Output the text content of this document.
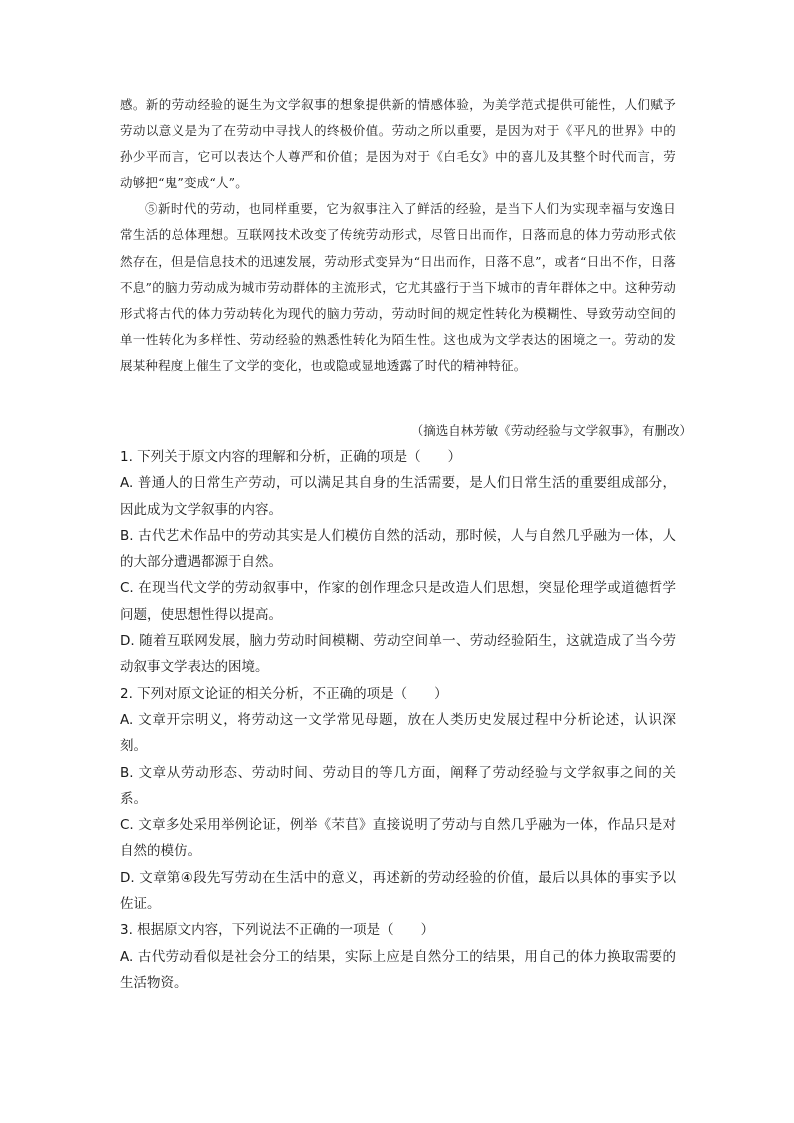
感。新的劳动经验的诞生为文学叙事的想象提供新的情感体验，为美学范式提供可能性，人们赋予劳动以意义是为了在劳动中寻找人的终极价值。劳动之所以重要，是因为对于《平凡的世界》中的孙少平而言，它可以表达个人尊严和价值；是因为对于《白毛女》中的喜儿及其整个时代而言，劳动够把“鬼”变成“人”。

⑤新时代的劳动，也同样重要，它为叙事注入了鲜活的经验，是当下人们为实现幸福与安逸日常生活的总体理想。互联网技术改变了传统劳动形式，尽管日出而作，日落而息的体力劳动形式依然存在，但是信息技术的迅速发展，劳动形式变异为“日出而作，日落不息”，或者“日出不作，日落不息”的脑力劳动成为城市劳动群体的主流形式，它尤其盛行于当下城市的青年群体之中。这种劳动形式将古代的体力劳动转化为现代的脑力劳动，劳动时间的规定性转化为模糊性、导致劳动空间的单一性转化为多样性、劳动经验的熟悉性转化为陌生性。这也成为文学表达的困境之一。劳动的发展某种程度上催生了文学的变化，也或隐或显地透露了时代的精神特征。

（摘选自林芳敏《劳动经验与文学叙事》，有删改）
1. 下列关于原文内容的理解和分析，正确的项是（　　）
A. 普通人的日常生产劳动，可以满足其自身的生活需要，是人们日常生活的重要组成部分，因此成为文学叙事的内容。
B. 古代艺术作品中的劳动其实是人们模仿自然的活动，那时候，人与自然几乎融为一体，人的大部分遭遇都源于自然。
C. 在现当代文学的劳动叙事中，作家的创作理念只是改造人们思想，突显伦理学或道德哲学问题，使思想性得以提高。
D. 随着互联网发展，脑力劳动时间模糊、劳动空间单一、劳动经验陌生，这就造成了当今劳动叙事文学表达的困境。
2. 下列对原文论证的相关分析，不正确的项是（　　）
A. 文章开宗明义，将劳动这一文学常见母题，放在人类历史发展过程中分析论述，认识深刻。
B. 文章从劳动形态、劳动时间、劳动目的等几方面，阐释了劳动经验与文学叙事之间的关系。
C. 文章多处采用举例论证，例举《芣苢》直接说明了劳动与自然几乎融为一体，作品只是对自然的模仿。
D. 文章第④段先写劳动在生活中的意义，再述新的劳动经验的价值，最后以具体的事实予以佐证。
3. 根据原文内容，下列说法不正确的一项是（　　）
A. 古代劳动看似是社会分工的结果，实际上应是自然分工的结果，用自己的体力换取需要的生活物资。
